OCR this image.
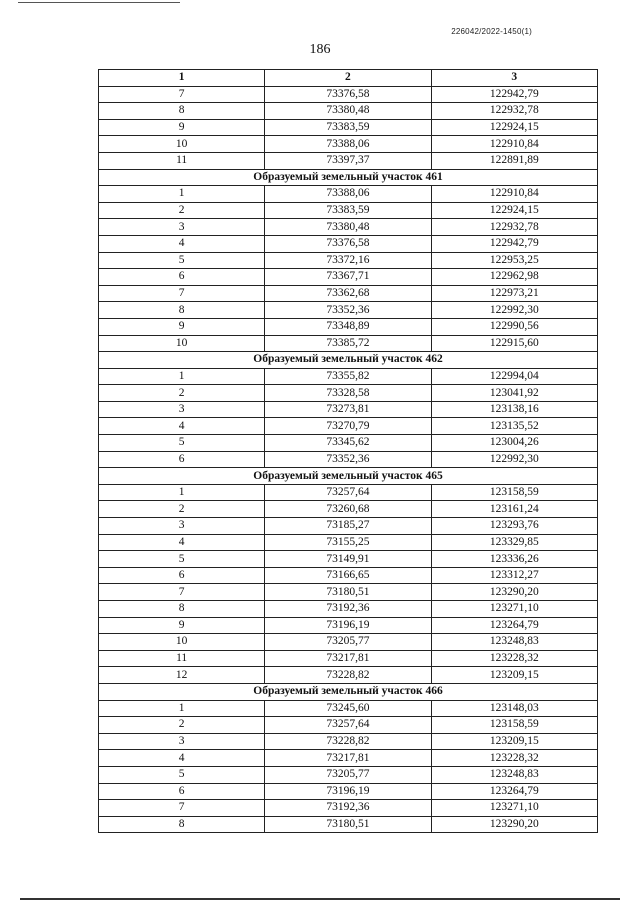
226042/2022-1450(1)
186
1	2	3
7	73376,58	122942,79
8	73380,48	122932,78
9	73383,59	122924,15
10	73388,06	122910,84
11	73397,37	122891,89
Образуемый земельный участок 461		
1	73388,06	122910,84
2	73383,59	122924,15
3	73380,48	122932,78
4	73376,58	122942,79
5	73372,16	122953,25
6	73367,71	122962,98
7	73362,68	122973,21
8	73352,36	122992,30
9	73348,89	122990,56
10	73385,72	122915,60
Образуемый земельный участок 462		
1	73355,82	122994,04
2	73328,58	123041,92
3	73273,81	123138,16
4	73270,79	123135,52
5	73345,62	123004,26
6	73352,36	122992,30
Образуемый земельный участок 465		
1	73257,64	123158,59
2	73260,68	123161,24
3	73185,27	123293,76
4	73155,25	123329,85
5	73149,91	123336,26
6	73166,65	123312,27
7	73180,51	123290,20
8	73192,36	123271,10
9	73196,19	123264,79
10	73205,77	123248,83
11	73217,81	123228,32
12	73228,82	123209,15
Образуемый земельный участок 466		
1	73245,60	123148,03
2	73257,64	123158,59
3	73228,82	123209,15
4	73217,81	123228,32
5	73205,77	123248,83
6	73196,19	123264,79
7	73192,36	123271,10
8	73180,51	123290,20
